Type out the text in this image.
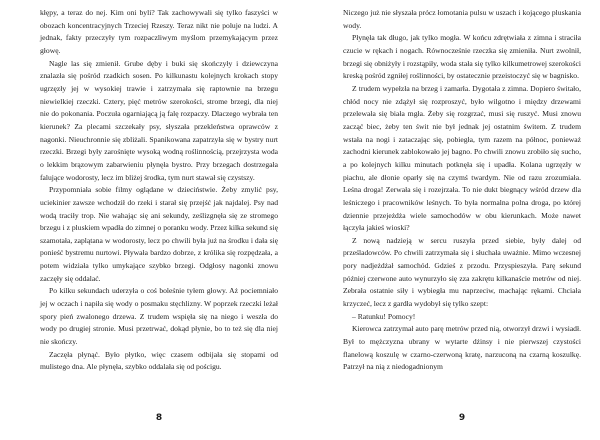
kłępy, a teraz do nej. Kim oni byli? Tak zachowywali się tylko faszyści w obozach koncentracyjnych Trzeciej Rzeszy. Teraz nikt nie poluje na ludzi. A jednak, fakty przeczyły tym rozpaczliwym myślom przemykającym przez głowę.

Nagle las się zmienił. Grube dęby i buki się skończyły i dziewczyna znalazła się pośród rzadkich sosen. Po kilkunastu kolejnych krokach stopy ugrzęzły jej w wysokiej trawie i zatrzymała się raptownie na brzegu niewielkiej rzeczki. Cztery, pięć metrów szerokości, strome brzegi, dla niej nie do pokonania. Poczuła ogarniającą ją falę rozpaczy. Dlaczego wybrała ten kierunek? Za plecami szczekały psy, słyszała przekleństwa oprawców z nagonki. Nieuchronnie się zbliżali. Spanikowana zapatrzyła się w bystry nurt rzeczki. Brzegi były zarośnięte wysoką wodną roślinnością, przejrzysta woda o lekkim brązowym zabarwieniu płynęła bystro. Przy brzegach dostrzegała falujące wodorosty, lecz im bliżej środka, tym nurt stawał się czystszy.

Przypomniała sobie filmy oglądane w dzieciństwie. Żeby zmylić psy, uciekinier zawsze wchodził do rzeki i starał się przejść jak najdalej. Psy nad wodą traciły trop. Nie wahając się ani sekundy, ześlizgnęła się ze stromego brzegu i z pluskiem wpadła do zimnej o poranku wody. Przez kilka sekund się szamotała, zaplątana w wodorosty, lecz po chwili była już na środku i dała się ponieść bystremu nurtowi. Pływała bardzo dobrze, z królika się rozpędzała, a potem widziała tylko umykające szybko brzegi. Odgłosy nagonki znowu zaczęły się oddalać.

Po kilku sekundach uderzyła o coś boleśnie tyłem głowy. Aż pociemniało jej w oczach i napiła się wody o posmaku stęchlizny. W poprzek rzeczki leżał spory pień zwalonego drzewa. Z trudem wspięła się na niego i weszła do wody po drugiej stronie. Musi przetrwać, dokąd płynie, bo to też się dla niej nie skończy.

Zaczęła płynąć. Było płytko, więc czasem odbijała się stopami od mulistego dna. Ale płynęła, szybko oddalała się od pościgu.

Niczego już nie słyszała prócz łomotania pulsu w uszach i kojącego pluskania wody.

Płynęła tak długo, jak tylko mogła. W końcu zdrętwiała z zimna i straciła czucie w rękach i nogach. Równocześnie rzeczka się zmieniła. Nurt zwolnił, brzegi się obniżyły i rozstąpiły, woda stała się tylko kilkumetrowej szerokości kreską pośród zgniłej roślinności, by ostatecznie przeistoczyć się w bagnisko.

Z trudem wypełzła na brzeg i zamarła. Dygotała z zimna. Dopiero świtało, chłód nocy nie zdążył się rozproszyć, było wilgotno i między drzewami przelewała się biała mgła. Żeby się rozgrzać, musi się ruszyć. Musi znowu zacząć biec, żeby ten świt nie był jednak jej ostatnim świtem. Z trudem wstała na nogi i zataczając się, pobiegła, tym razem na północ, ponieważ zachodni kierunek zablokowało jej bagno. Po chwili znowu zrobiło się sucho, a po kolejnych kilku minutach potknęła się i upadła. Kolana ugrzęzły w piachu, ale dłonie oparły się na czymś twardym. Nie od razu zrozumiała. Leśna droga! Zerwała się i rozejrzała. To nie dukt biegnący wśród drzew dla leśniczego i pracowników leśnych. To była normalna polna droga, po której dziennie przejeżdża wiele samochodów w obu kierunkach. Może nawet łączyła jakieś wioski?

Z nową nadzieją w sercu ruszyła przed siebie, były dalej od prześladowców. Po chwili zatrzymała się i słuchała uważnie. Mimo wczesnej pory nadjeżdżał samochód. Gdzieś z przodu. Przyspieszyła. Parę sekund później czerwone auto wynurzyło się zza zakrętu kilkanaście metrów od niej. Zebrała ostatnie siły i wybiegła mu naprzeciw, machając rękami. Chciała krzyczeć, lecz z gardła wydobył się tylko szept:

– Ratunku! Pomocy!

Kierowca zatrzymał auto parę metrów przed nią, otworzył drzwi i wysiadł. Był to mężczyzna ubrany w wytarte dżinsy i nie pierwszej czystości flanelową koszulę w czarno-czerwoną kratę, narzuconą na czarną koszulkę. Patrzył na nią z niedogadnionym

8	9
